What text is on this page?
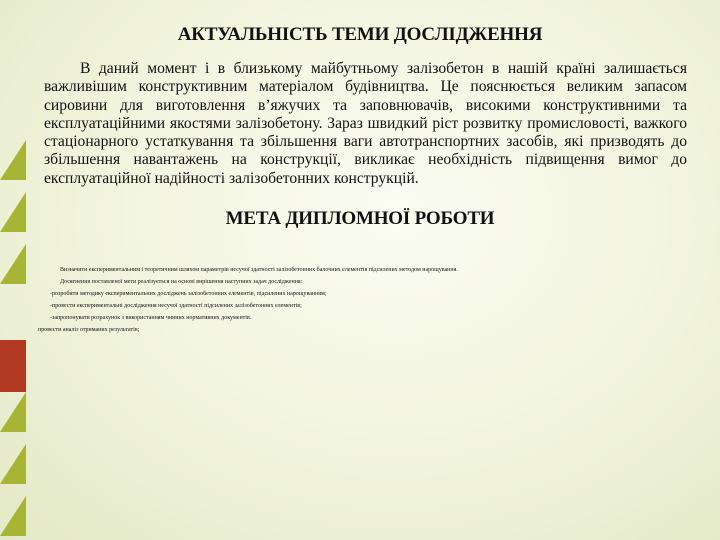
АКТУАЛЬНІСТЬ ТЕМИ ДОСЛІДЖЕННЯ

В даний момент і в близькому майбутньому залізобетон в нашій країні залишається важливішим конструктивним матеріалом будівництва. Це пояснюється великим запасом сировини для виготовлення в’яжучих та заповнювачів, високими конструктивними та експлуатаційними якостями залізобетону. Зараз швидкий ріст розвитку промисловості, важкого стаціонарного устаткування та збільшення ваги автотранспортних засобів, які призводять до збільшення навантажень на конструкції, викликає необхідність підвищення вимог до експлуатаційної надійності залізобетонних конструкцій.

МЕТА ДИПЛОМНОЇ РОБОТИ

Визначити експериментальним і теоретичним шляхом параметрів несучої здатності залізобетонних балочних елементів підсилених методом нарощування.

Досягнення поставленої мети реалізується на основі вирішення наступних задач дослідження:

-розробити методику експериментальних досліджень залізобетонних елементів, підсилених нарощуванням;

-провести експериментальні дослідження несучої здатності підсилених залізобетонних елементів;

-запропонувати розрахунок з використанням чинних нормативних документів.

провести аналіз отриманих результатів;
